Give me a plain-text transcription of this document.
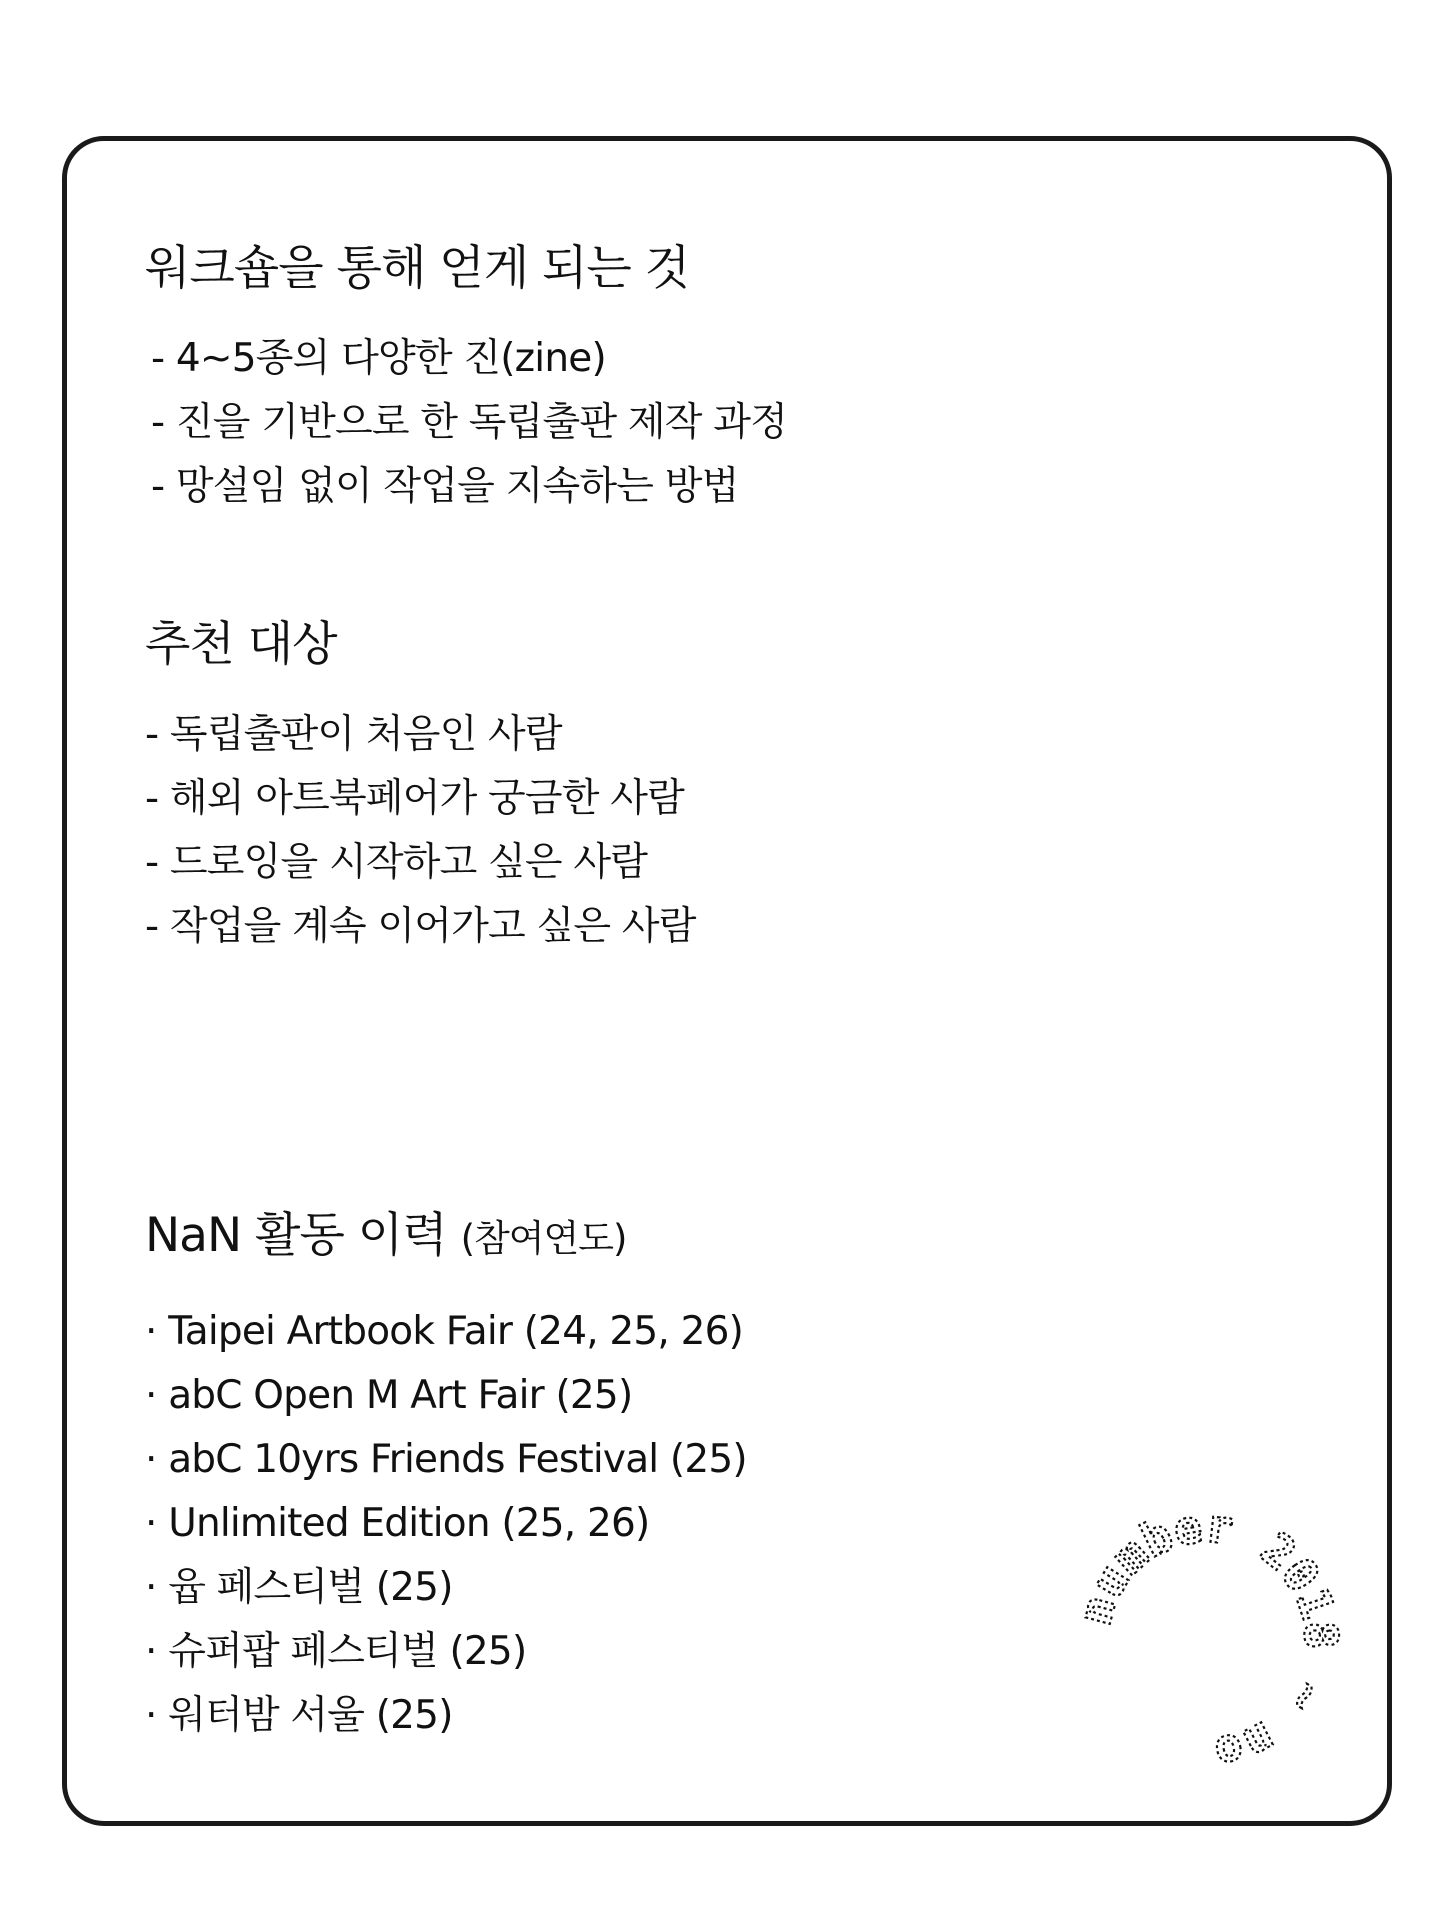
워크숍을 통해 얻게 되는 것
- 4~5종의 다양한 진(zine)
- 진을 기반으로 한 독립출판 제작 과정
- 망설임 없이 작업을 지속하는 방법
추천 대상
- 독립출판이 처음인 사람
- 해외 아트북페어가 궁금한 사람
- 드로잉을 시작하고 싶은 사람
- 작업을 계속 이어가고 싶은 사람
NaN 활동 이력 (참여연도)
· Taipei Artbook Fair (24, 25, 26)
· abC Open M Art Fair (25)
· abC 10yrs Friends Festival (25)
· Unlimited Edition (25, 26)
· 윱 페스티벌 (25)
· 슈퍼팝 페스티벌 (25)
· 워터밤 서울 (25)
number 2018 ~ no
